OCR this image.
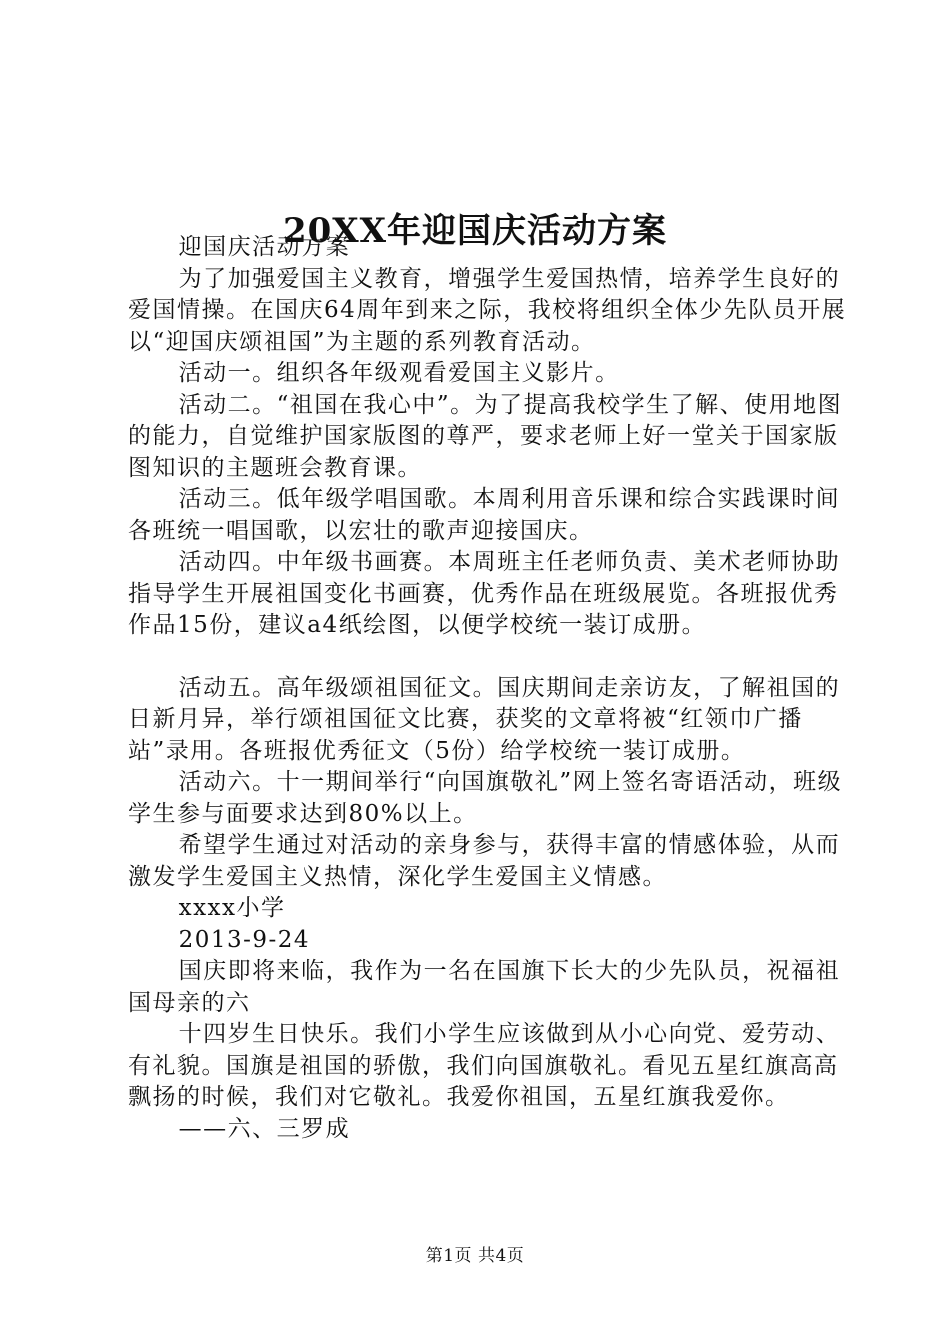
20XX年迎国庆活动方案

迎国庆活动方案

为了加强爱国主义教育，增强学生爱国热情，培养学生良好的爱国情操。在国庆64周年到来之际，我校将组织全体少先队员开展以“迎国庆颂祖国”为主题的系列教育活动。

活动一。组织各年级观看爱国主义影片。

活动二。“祖国在我心中”。为了提高我校学生了解、使用地图的能力，自觉维护国家版图的尊严，要求老师上好一堂关于国家版图知识的主题班会教育课。

活动三。低年级学唱国歌。本周利用音乐课和综合实践课时间各班统一唱国歌，以宏壮的歌声迎接国庆。

活动四。中年级书画赛。本周班主任老师负责、美术老师协助指导学生开展祖国变化书画赛，优秀作品在班级展览。各班报优秀作品15份，建议a4纸绘图，以便学校统一装订成册。

活动五。高年级颂祖国征文。国庆期间走亲访友，了解祖国的日新月异，举行颂祖国征文比赛，获奖的文章将被“红领巾广播站”录用。各班报优秀征文（5份）给学校统一装订成册。

活动六。十一期间举行“向国旗敬礼”网上签名寄语活动，班级学生参与面要求达到80%以上。

希望学生通过对活动的亲身参与，获得丰富的情感体验，从而激发学生爱国主义热情，深化学生爱国主义情感。

xxxx小学

2013-9-24

国庆即将来临，我作为一名在国旗下长大的少先队员，祝福祖国母亲的六

十四岁生日快乐。我们小学生应该做到从小心向党、爱劳动、有礼貌。国旗是祖国的骄傲，我们向国旗敬礼。看见五星红旗高高飘扬的时候，我们对它敬礼。我爱你祖国，五星红旗我爱你。

——六、三罗成

第1页 共4页
